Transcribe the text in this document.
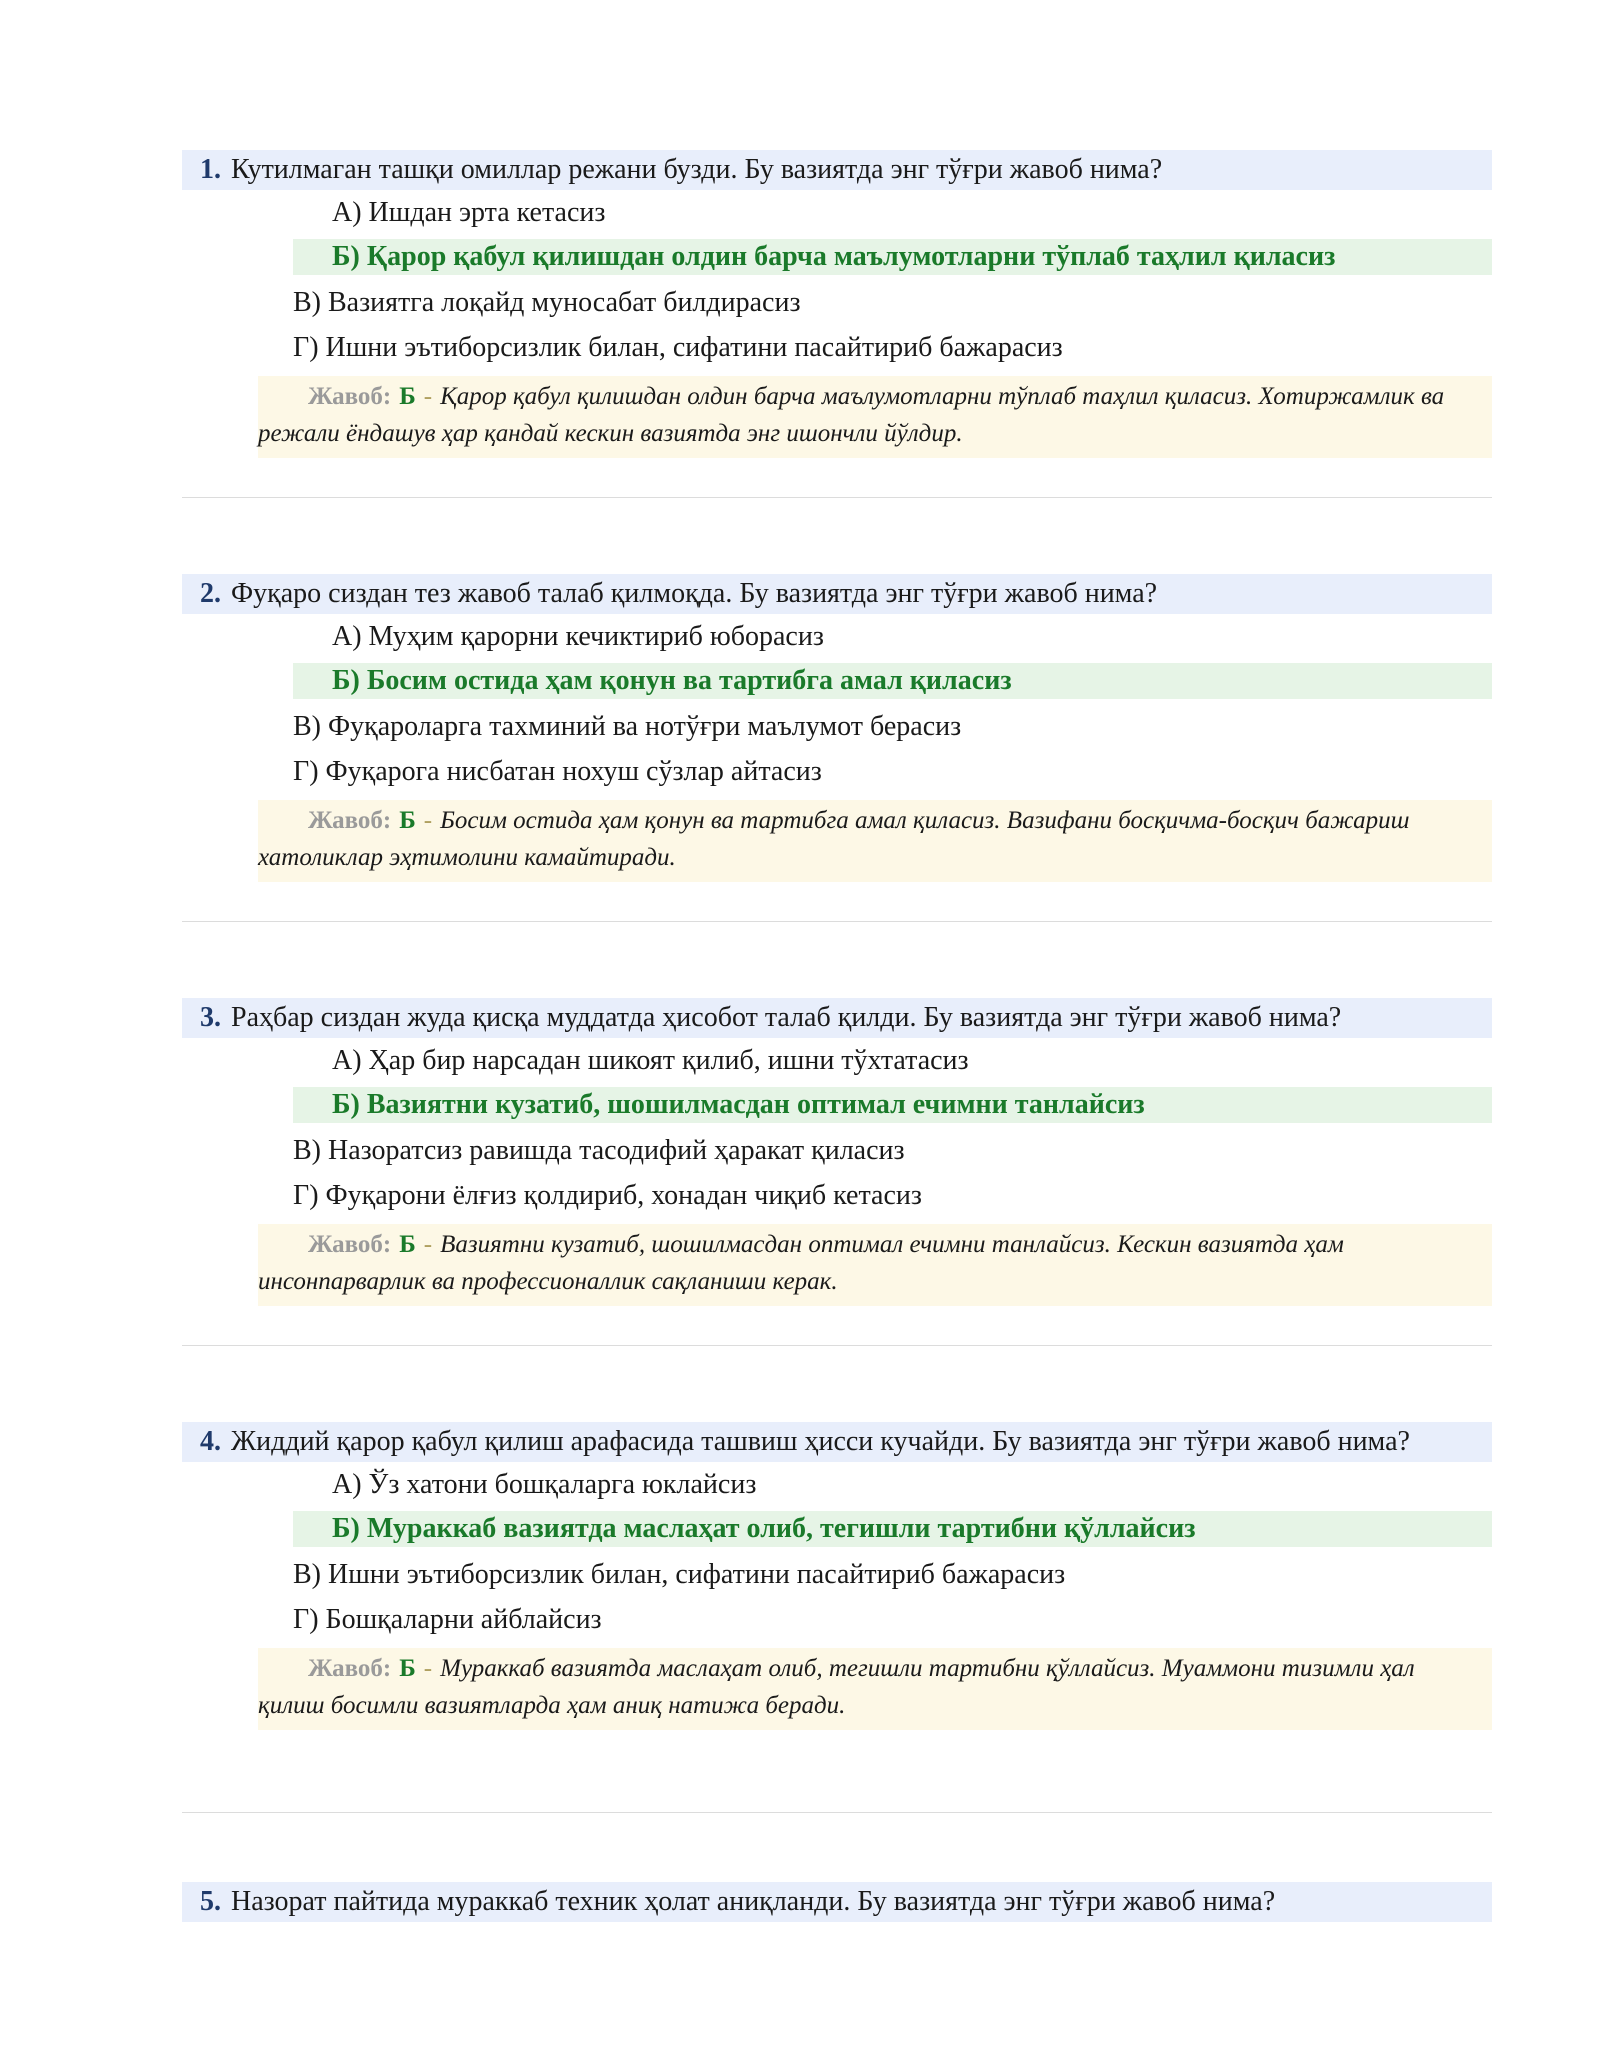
1. Кутилмаган ташқи омиллар режани бузди. Бу вазиятда энг тўғри жавоб нима?
А) Ишдан эрта кетасиз
Б) Қарор қабул қилишдан олдин барча маълумотларни тўплаб таҳлил қиласиз
В) Вазиятга лоқайд муносабат билдирасиз
Г) Ишни эътиборсизлик билан, сифатини пасайтириб бажарасиз
Жавоб: Б - Қарор қабул қилишдан олдин барча маълумотларни тўплаб таҳлил қиласиз. Хотиржамлик ва режали ёндашув ҳар қандай кескин вазиятда энг ишончли йўлдир.
2. Фуқаро сиздан тез жавоб талаб қилмоқда. Бу вазиятда энг тўғри жавоб нима?
А) Муҳим қарорни кечиктириб юборасиз
Б) Босим остида ҳам қонун ва тартибга амал қиласиз
В) Фуқароларга тахминий ва нотўғри маълумот берасиз
Г) Фуқарога нисбатан нохуш сўзлар айтасиз
Жавоб: Б - Босим остида ҳам қонун ва тартибга амал қиласиз. Вазифани босқичма-босқич бажариш хатоликлар эҳтимолини камайтиради.
3. Раҳбар сиздан жуда қисқа муддатда ҳисобот талаб қилди. Бу вазиятда энг тўғри жавоб нима?
А) Ҳар бир нарсадан шикоят қилиб, ишни тўхтатасиз
Б) Вазиятни кузатиб, шошилмасдан оптимал ечимни танлайсиз
В) Назоратсиз равишда тасодифий ҳаракат қиласиз
Г) Фуқарони ёлғиз қолдириб, хонадан чиқиб кетасиз
Жавоб: Б - Вазиятни кузатиб, шошилмасдан оптимал ечимни танлайсиз. Кескин вазиятда ҳам инсонпарварлик ва профессионаллик сақланиши керак.
4. Жиддий қарор қабул қилиш арафасида ташвиш ҳисси кучайди. Бу вазиятда энг тўғри жавоб нима?
А) Ўз хатони бошқаларга юклайсиз
Б) Мураккаб вазиятда маслаҳат олиб, тегишли тартибни қўллайсиз
В) Ишни эътиборсизлик билан, сифатини пасайтириб бажарасиз
Г) Бошқаларни айблайсиз
Жавоб: Б - Мураккаб вазиятда маслаҳат олиб, тегишли тартибни қўллайсиз. Муаммони тизимли ҳал қилиш босимли вазиятларда ҳам аниқ натижа беради.
5. Назорат пайтида мураккаб техник ҳолат аниқланди. Бу вазиятда энг тўғри жавоб нима?
